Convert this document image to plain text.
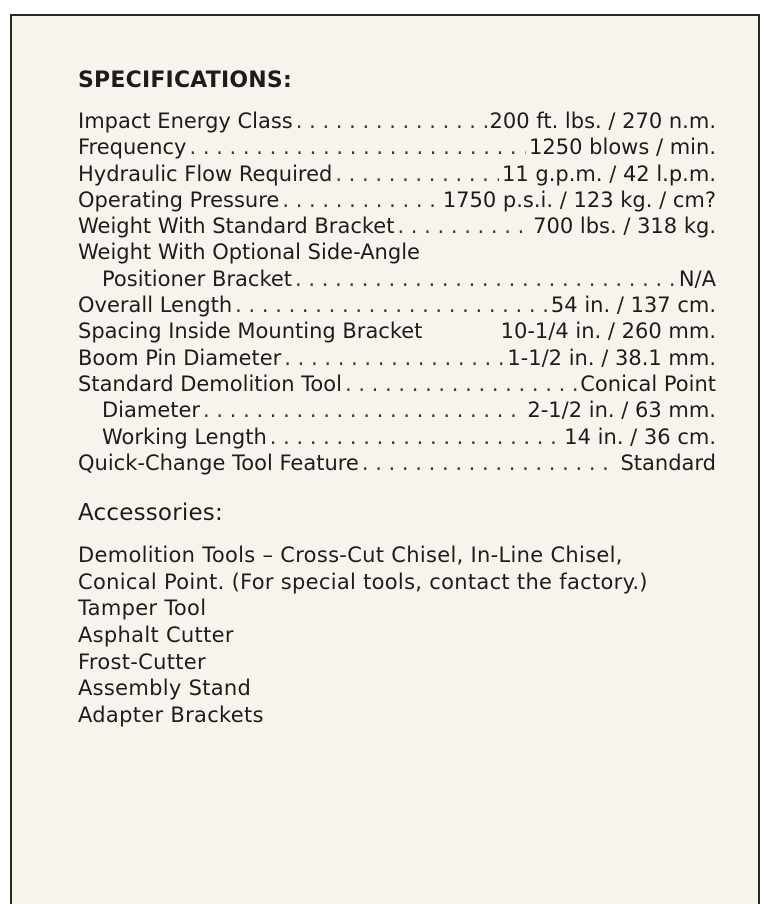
SPECIFICATIONS:
Impact Energy Class . . .	200 ft. lbs. / 270 n.m.
Frequency . . .	1250 blows / min.
Hydraulic Flow Required . . .	11 g.p.m. / 42 l.p.m.
Operating Pressure . . .	1750 p.s.i. / 123 kg. / cm?
Weight With Standard Bracket . . .	700 lbs. / 318 kg.
Weight With Optional Side-Angle
Positioner Bracket . . .	N/A
Overall Length . . .	54 in. / 137 cm.
Spacing Inside Mounting Bracket	10-1/4 in. / 260 mm.
Boom Pin Diameter . . .	1-1/2 in. / 38.1 mm.
Standard Demolition Tool . . .	Conical Point
Diameter . . .	2-1/2 in. / 63 mm.
Working Length . . .	14 in. / 36 cm.
Quick-Change Tool Feature . . .	Standard
Accessories:
Demolition Tools – Cross-Cut Chisel, In-Line Chisel,
Conical Point. (For special tools, contact the factory.)
Tamper Tool
Asphalt Cutter
Frost-Cutter
Assembly Stand
Adapter Brackets
